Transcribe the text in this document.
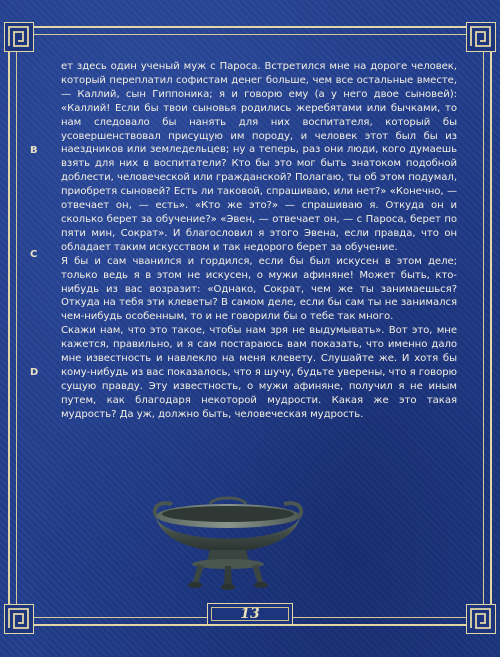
B
C
D

ет здесь один ученый муж с Пароса. Встретился мне на дороге человек, который переплатил софистам денег больше, чем все остальные вместе, — Каллий, сын Гиппоника; я и говорю ему (а у него двое сыновей): «Каллий! Если бы твои сыновья родились жеребятами или бычками, то нам следовало бы нанять для них воспитателя, который бы усовершенствовал присущую им породу, и человек этот был бы из наездников или земледельцев; ну а теперь, раз они люди, кого думаешь взять для них в воспитатели? Кто бы это мог быть знатоком подобной доблести, человеческой или гражданской? Полагаю, ты об этом подумал, приобретя сыновей? Есть ли таковой, спрашиваю, или нет?» «Конечно, — отвечает он, — есть». «Кто же это?» — спрашиваю я. Откуда он и сколько берет за обучение?» «Эвен, — отвечает он, — с Пароса, берет по пяти мин, Сократ». И благословил я этого Эвена, если правда, что он обладает таким искусством и так недорого берет за обучение.

Я бы и сам чванился и гордился, если бы был искусен в этом деле; только ведь я в этом не искусен, о мужи афиняне! Может быть, кто-нибудь из вас возразит: «Однако, Сократ, чем же ты занимаешься? Откуда на тебя эти клеветы? В самом деле, если бы сам ты не занимался чем-нибудь особенным, то и не говорили бы о тебе так много.

Скажи нам, что это такое, чтобы нам зря не выдумывать». Вот это, мне кажется, правильно, и я сам постараюсь вам показать, что именно дало мне известность и навлекло на меня клевету. Слушайте же. И хотя бы кому-нибудь из вас показалось, что я шучу, будьте уверены, что я говорю сущую правду. Эту известность, о мужи афиняне, получил я не иным путем, как благодаря некоторой мудрости. Какая же это такая мудрость? Да уж, должно быть, человеческая мудрость.

13
